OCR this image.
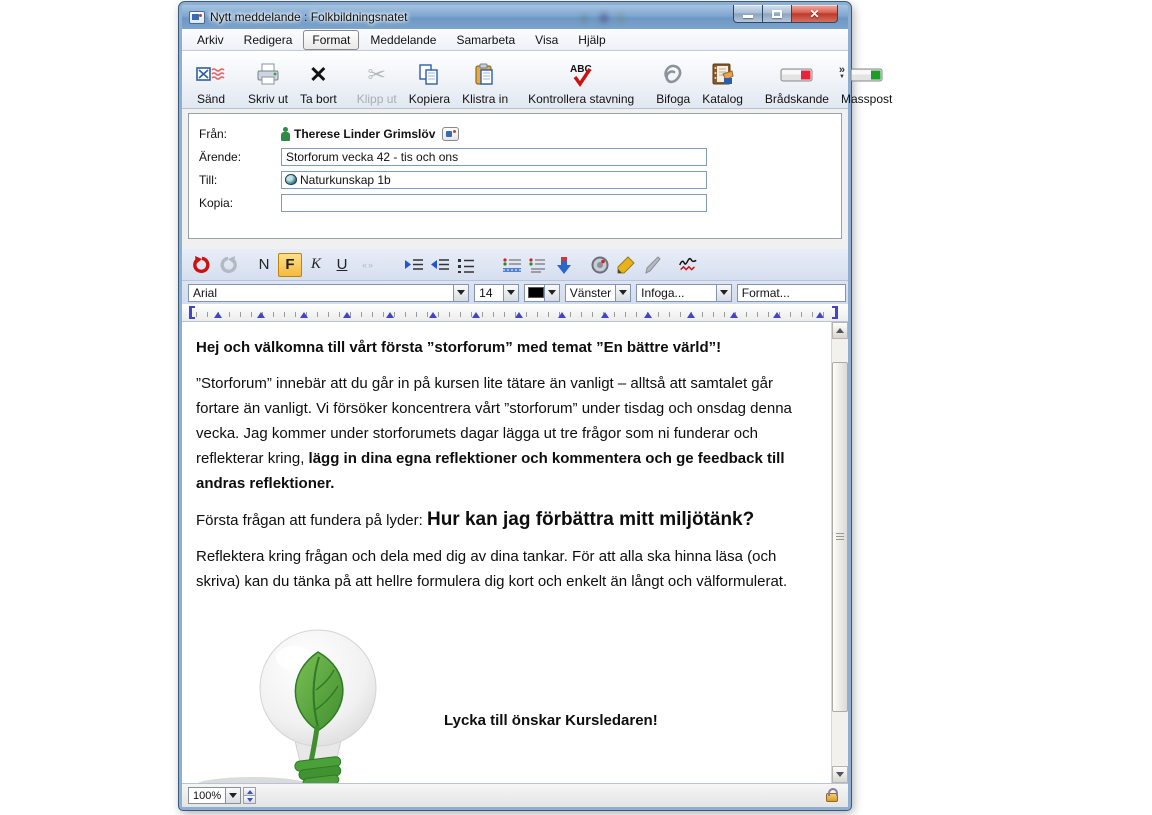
Nytt meddelande : Folkbildningsnatet	✕
Arkiv	Redigera	Format	Meddelande	Samarbeta	Visa	Hjälp
Sänd Skriv ut
✕
Ta bort
✂
Klipp ut Kopiera Klistra in
ABC
Kontrollera stavning Bifoga Katalog Brådskande Masspost
» ▼
Från:	Therese Linder Grimslöv
Ärende:
Storforum vecka 42 - tis och ons
Till:	Naturkunskap 1b
Kopia:
N	F	K	U	«»
Arial	14	Vänster	Infoga...	Format...

Hej och välkomna till vårt första ”storforum” med temat ”En bättre värld”!

”Storforum” innebär att du går in på kursen lite tätare än vanligt – alltså att samtalet går fortare än vanligt. Vi försöker koncentrera vårt ”storforum” under tisdag och onsdag denna vecka. Jag kommer under storforumets dagar lägga ut tre frågor som ni funderar och reflekterar kring, lägg in dina egna reflektioner och kommentera och ge feedback till andras reflektioner.

Första frågan att fundera på lyder: Hur kan jag förbättra mitt miljötänk?

Reflektera kring frågan och dela med dig av dina tankar. För att alla ska hinna läsa (och skriva) kan du tänka på att hellre formulera dig kort och enkelt än långt och välformulerat.

Lycka till önskar Kursledaren!
100%
